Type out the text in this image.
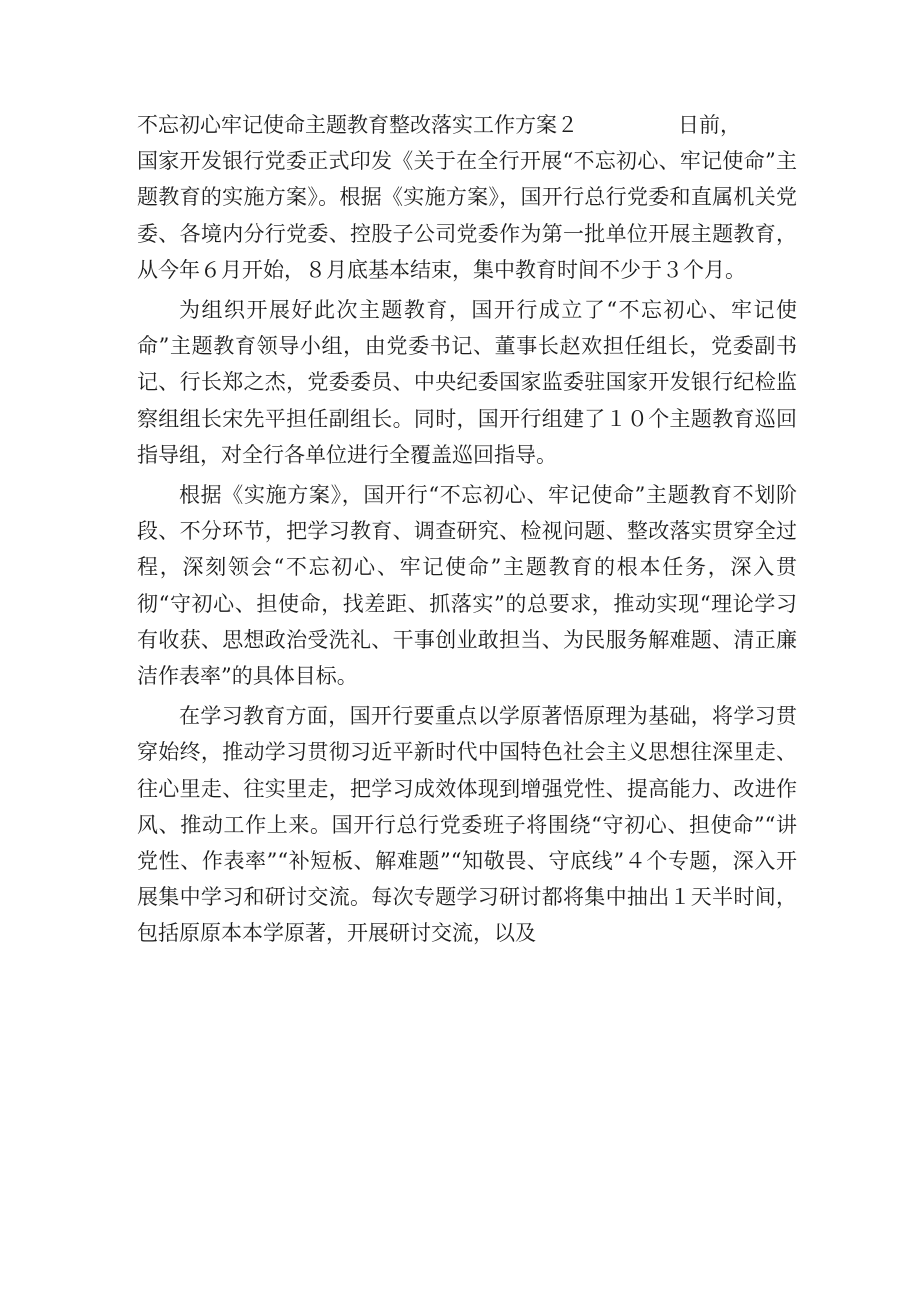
不忘初心牢记使命主题教育整改落实工作方案２	日前，

国家开发银行党委正式印发《关于在全行开展“不忘初心、牢记使命”主题教育的实施方案》。根据《实施方案》，国开行总行党委和直属机关党委、各境内分行党委、控股子公司党委作为第一批单位开展主题教育，从今年６月开始，８月底基本结束，集中教育时间不少于３个月。

为组织开展好此次主题教育，国开行成立了“不忘初心、牢记使命”主题教育领导小组，由党委书记、董事长赵欢担任组长，党委副书记、行长郑之杰，党委委员、中央纪委国家监委驻国家开发银行纪检监察组组长宋先平担任副组长。同时，国开行组建了１０个主题教育巡回指导组，对全行各单位进行全覆盖巡回指导。

根据《实施方案》，国开行“不忘初心、牢记使命”主题教育不划阶段、不分环节，把学习教育、调查研究、检视问题、整改落实贯穿全过程，深刻领会“不忘初心、牢记使命”主题教育的根本任务，深入贯彻“守初心、担使命，找差距、抓落实”的总要求，推动实现“理论学习有收获、思想政治受洗礼、干事创业敢担当、为民服务解难题、清正廉洁作表率”的具体目标。

在学习教育方面，国开行要重点以学原著悟原理为基础，将学习贯穿始终，推动学习贯彻习近平新时代中国特色社会主义思想往深里走、往心里走、往实里走，把学习成效体现到增强党性、提高能力、改进作风、推动工作上来。国开行总行党委班子将围绕“守初心、担使命”“讲党性、作表率”“补短板、解难题”“知敬畏、守底线”４个专题，深入开展集中学习和研讨交流。每次专题学习研讨都将集中抽出１天半时间，包括原原本本学原著，开展研讨交流，以及
